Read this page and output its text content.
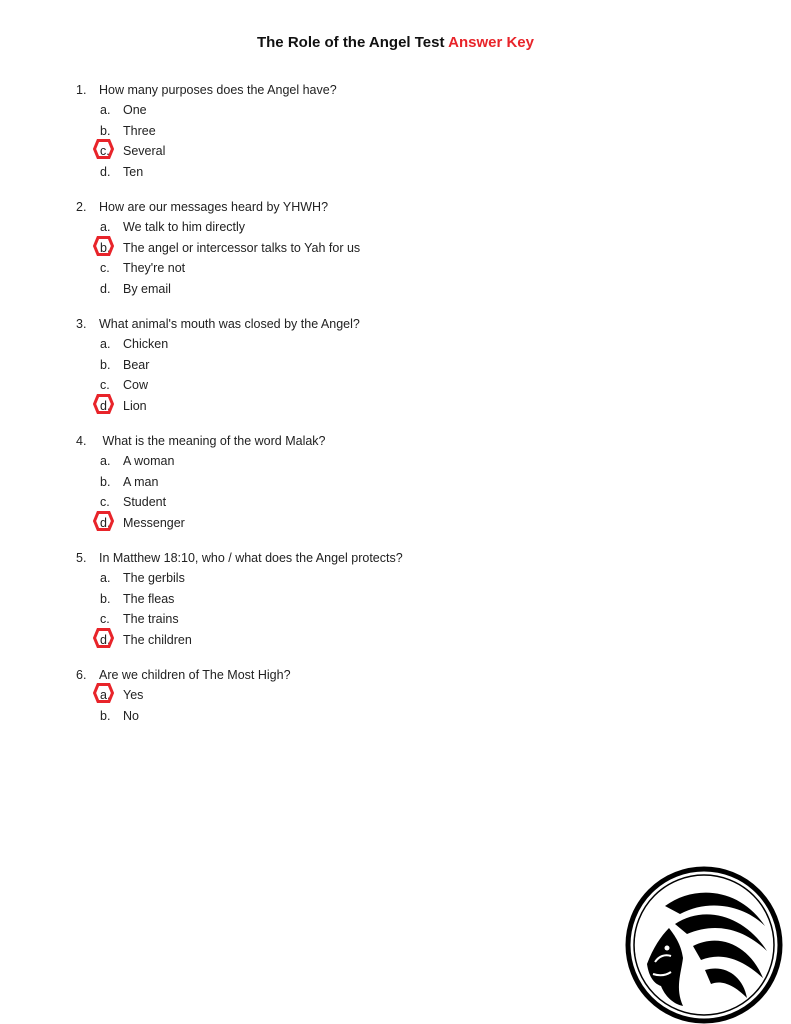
The Role of the Angel Test Answer Key
1.	How many purposes does the Angel have?
a.	One
b.	Three
c.	Several
d.	Ten
2.	How are our messages heard by YHWH?
a.	We talk to him directly
b.	The angel or intercessor talks to Yah for us
c.	They're not
d.	By email
3.	What animal's mouth was closed by the Angel?
a.	Chicken
b.	Bear
c.	Cow
d.	Lion
4.	What is the meaning of the word Malak?
a.	A woman
b.	A man
c.	Student
d.	Messenger
5.	In Matthew 18:10, who / what does the Angel protects?
a.	The gerbils
b.	The fleas
c.	The trains
d.	The children
6.	Are we children of The Most High?
a.	Yes
b.	No
